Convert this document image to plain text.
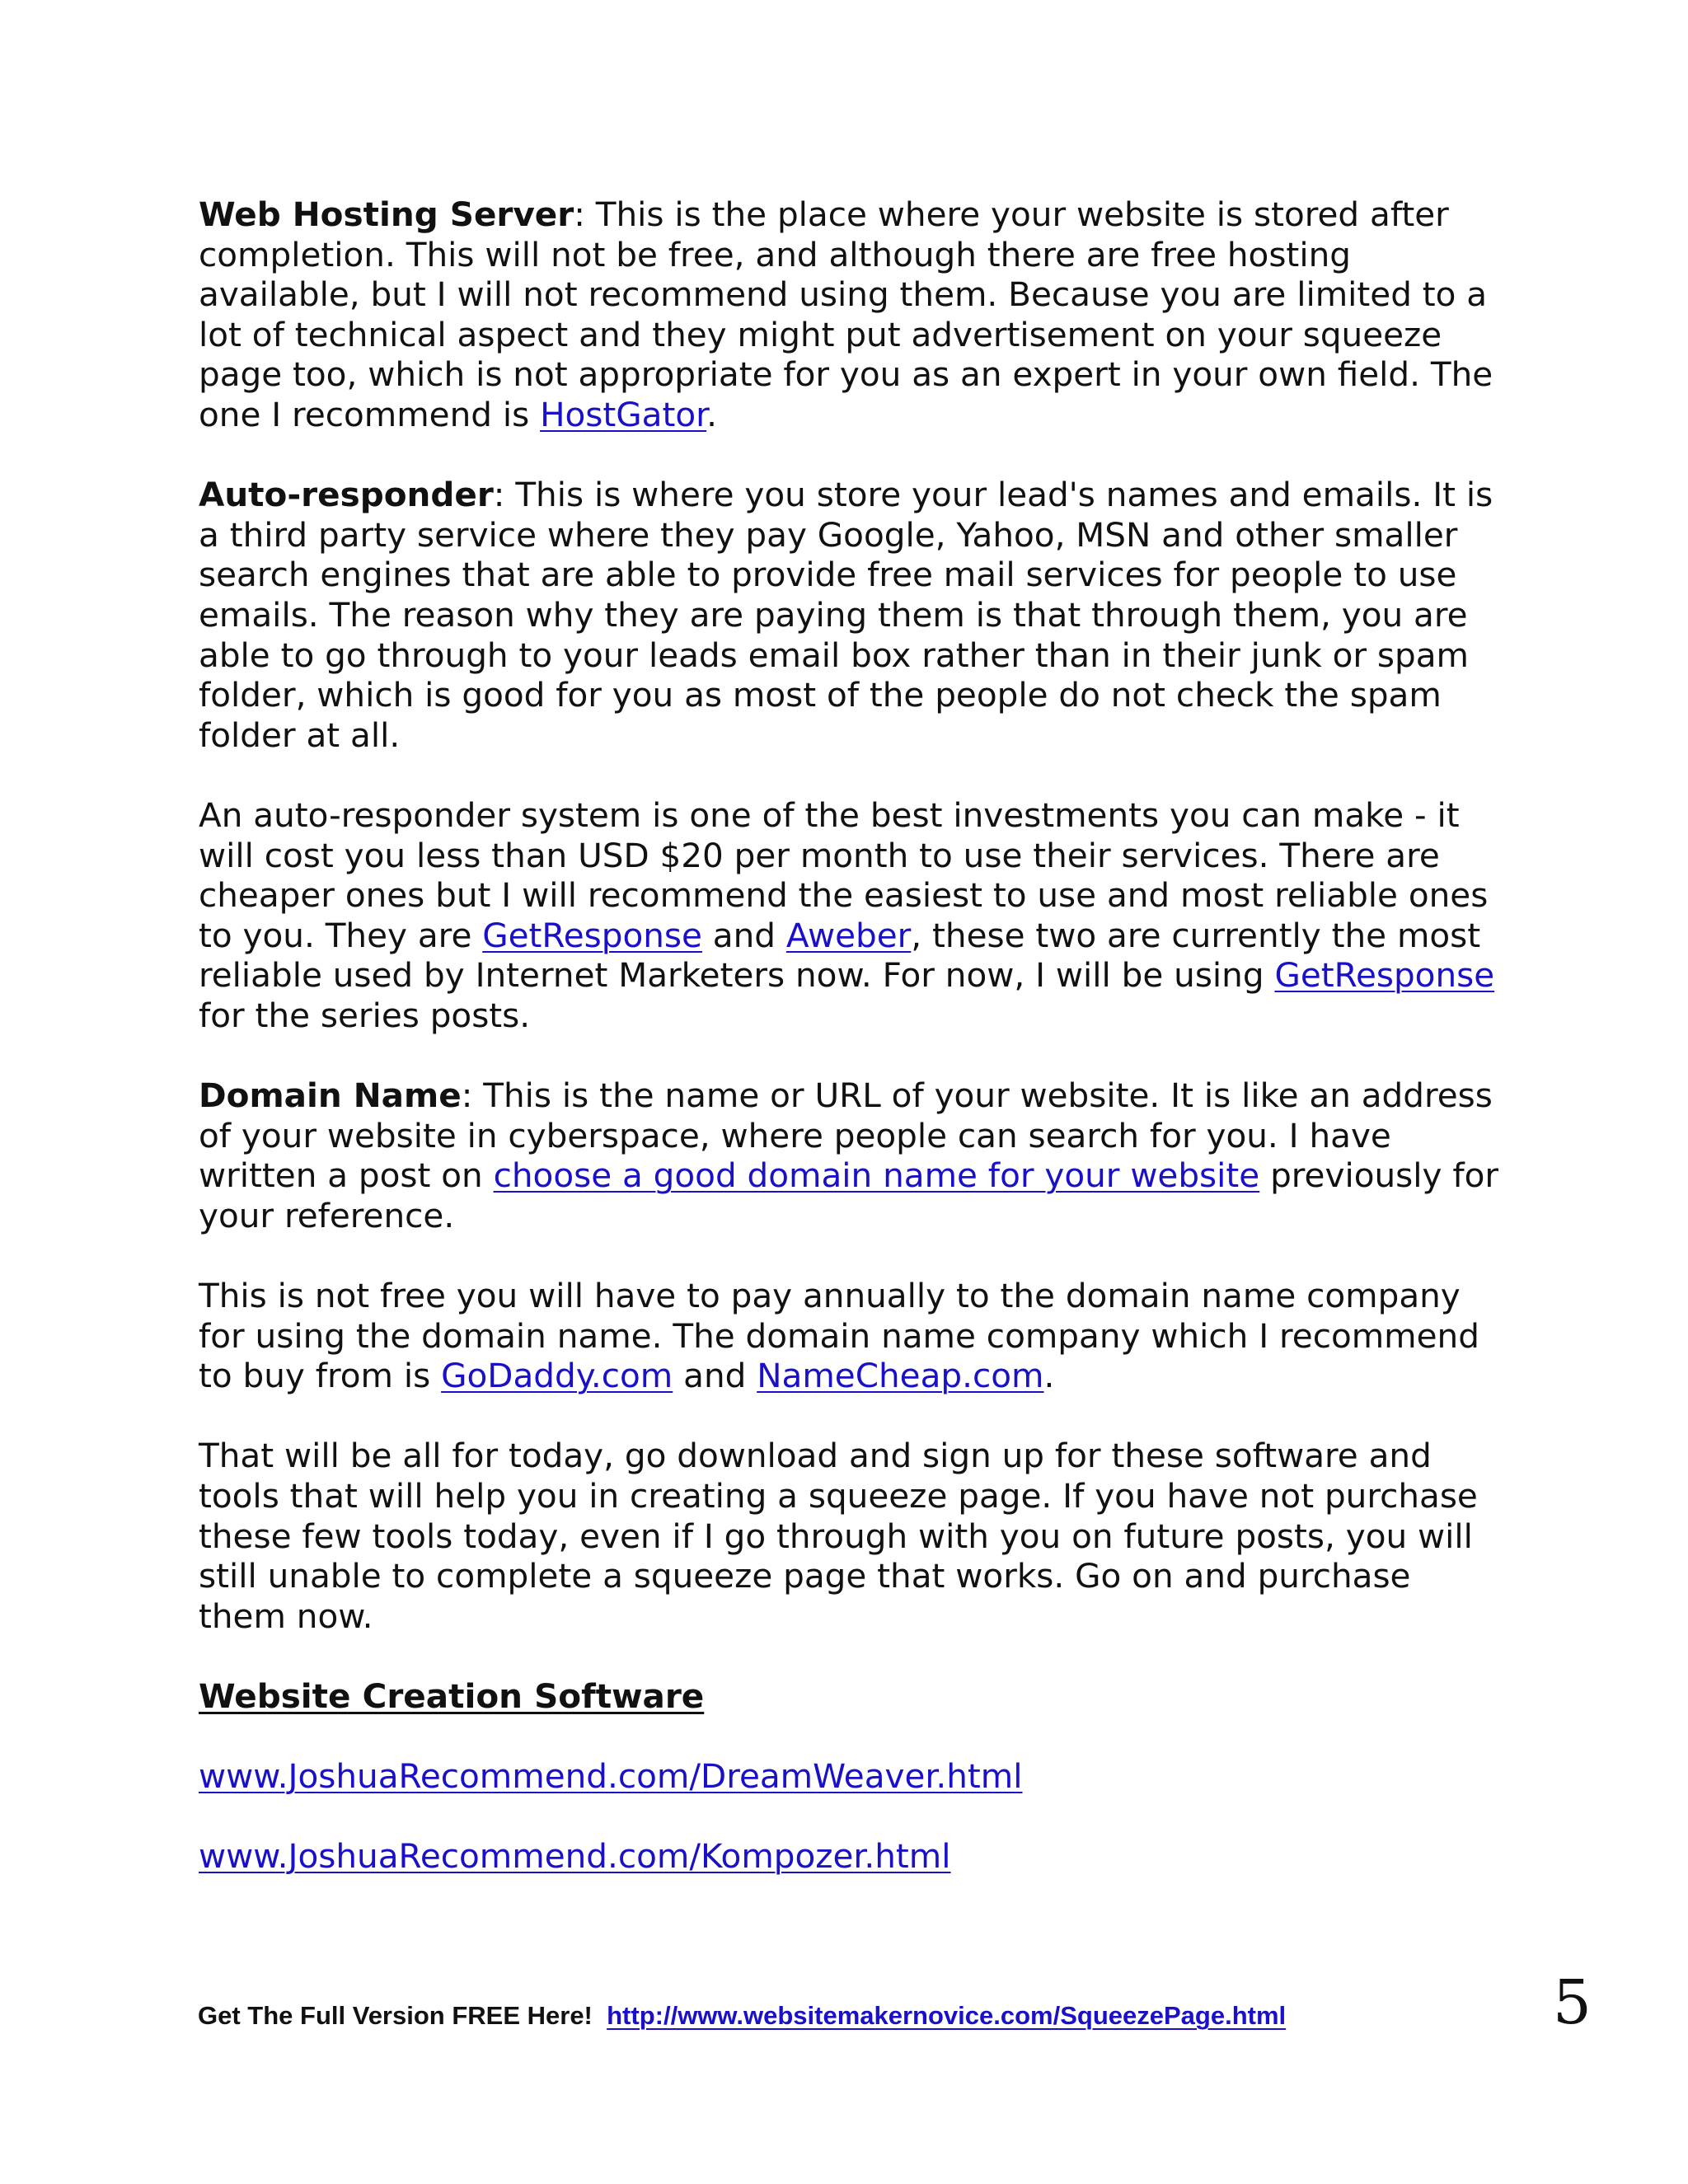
Web Hosting Server: This is the place where your website is stored after completion. This will not be free, and although there are free hosting available, but I will not recommend using them. Because you are limited to a lot of technical aspect and they might put advertisement on your squeeze page too, which is not appropriate for you as an expert in your own field. The one I recommend is HostGator.

Auto-responder: This is where you store your lead's names and emails. It is a third party service where they pay Google, Yahoo, MSN and other smaller search engines that are able to provide free mail services for people to use emails. The reason why they are paying them is that through them, you are able to go through to your leads email box rather than in their junk or spam folder, which is good for you as most of the people do not check the spam folder at all.

An auto-responder system is one of the best investments you can make - it will cost you less than USD $20 per month to use their services. There are cheaper ones but I will recommend the easiest to use and most reliable ones to you. They are GetResponse and Aweber, these two are currently the most reliable used by Internet Marketers now. For now, I will be using GetResponse for the series posts.

Domain Name: This is the name or URL of your website. It is like an address of your website in cyberspace, where people can search for you. I have written a post on choose a good domain name for your website previously for your reference.

This is not free you will have to pay annually to the domain name company for using the domain name. The domain name company which I recommend to buy from is GoDaddy.com and NameCheap.com.

That will be all for today, go download and sign up for these software and tools that will help you in creating a squeeze page. If you have not purchase these few tools today, even if I go through with you on future posts, you will still unable to complete a squeeze page that works. Go on and purchase them now.

Website Creation Software

www.JoshuaRecommend.com/DreamWeaver.html

www.JoshuaRecommend.com/Kompozer.html

Get The Full Version FREE Here! http://www.websitemakernovice.com/SqueezePage.html	5
